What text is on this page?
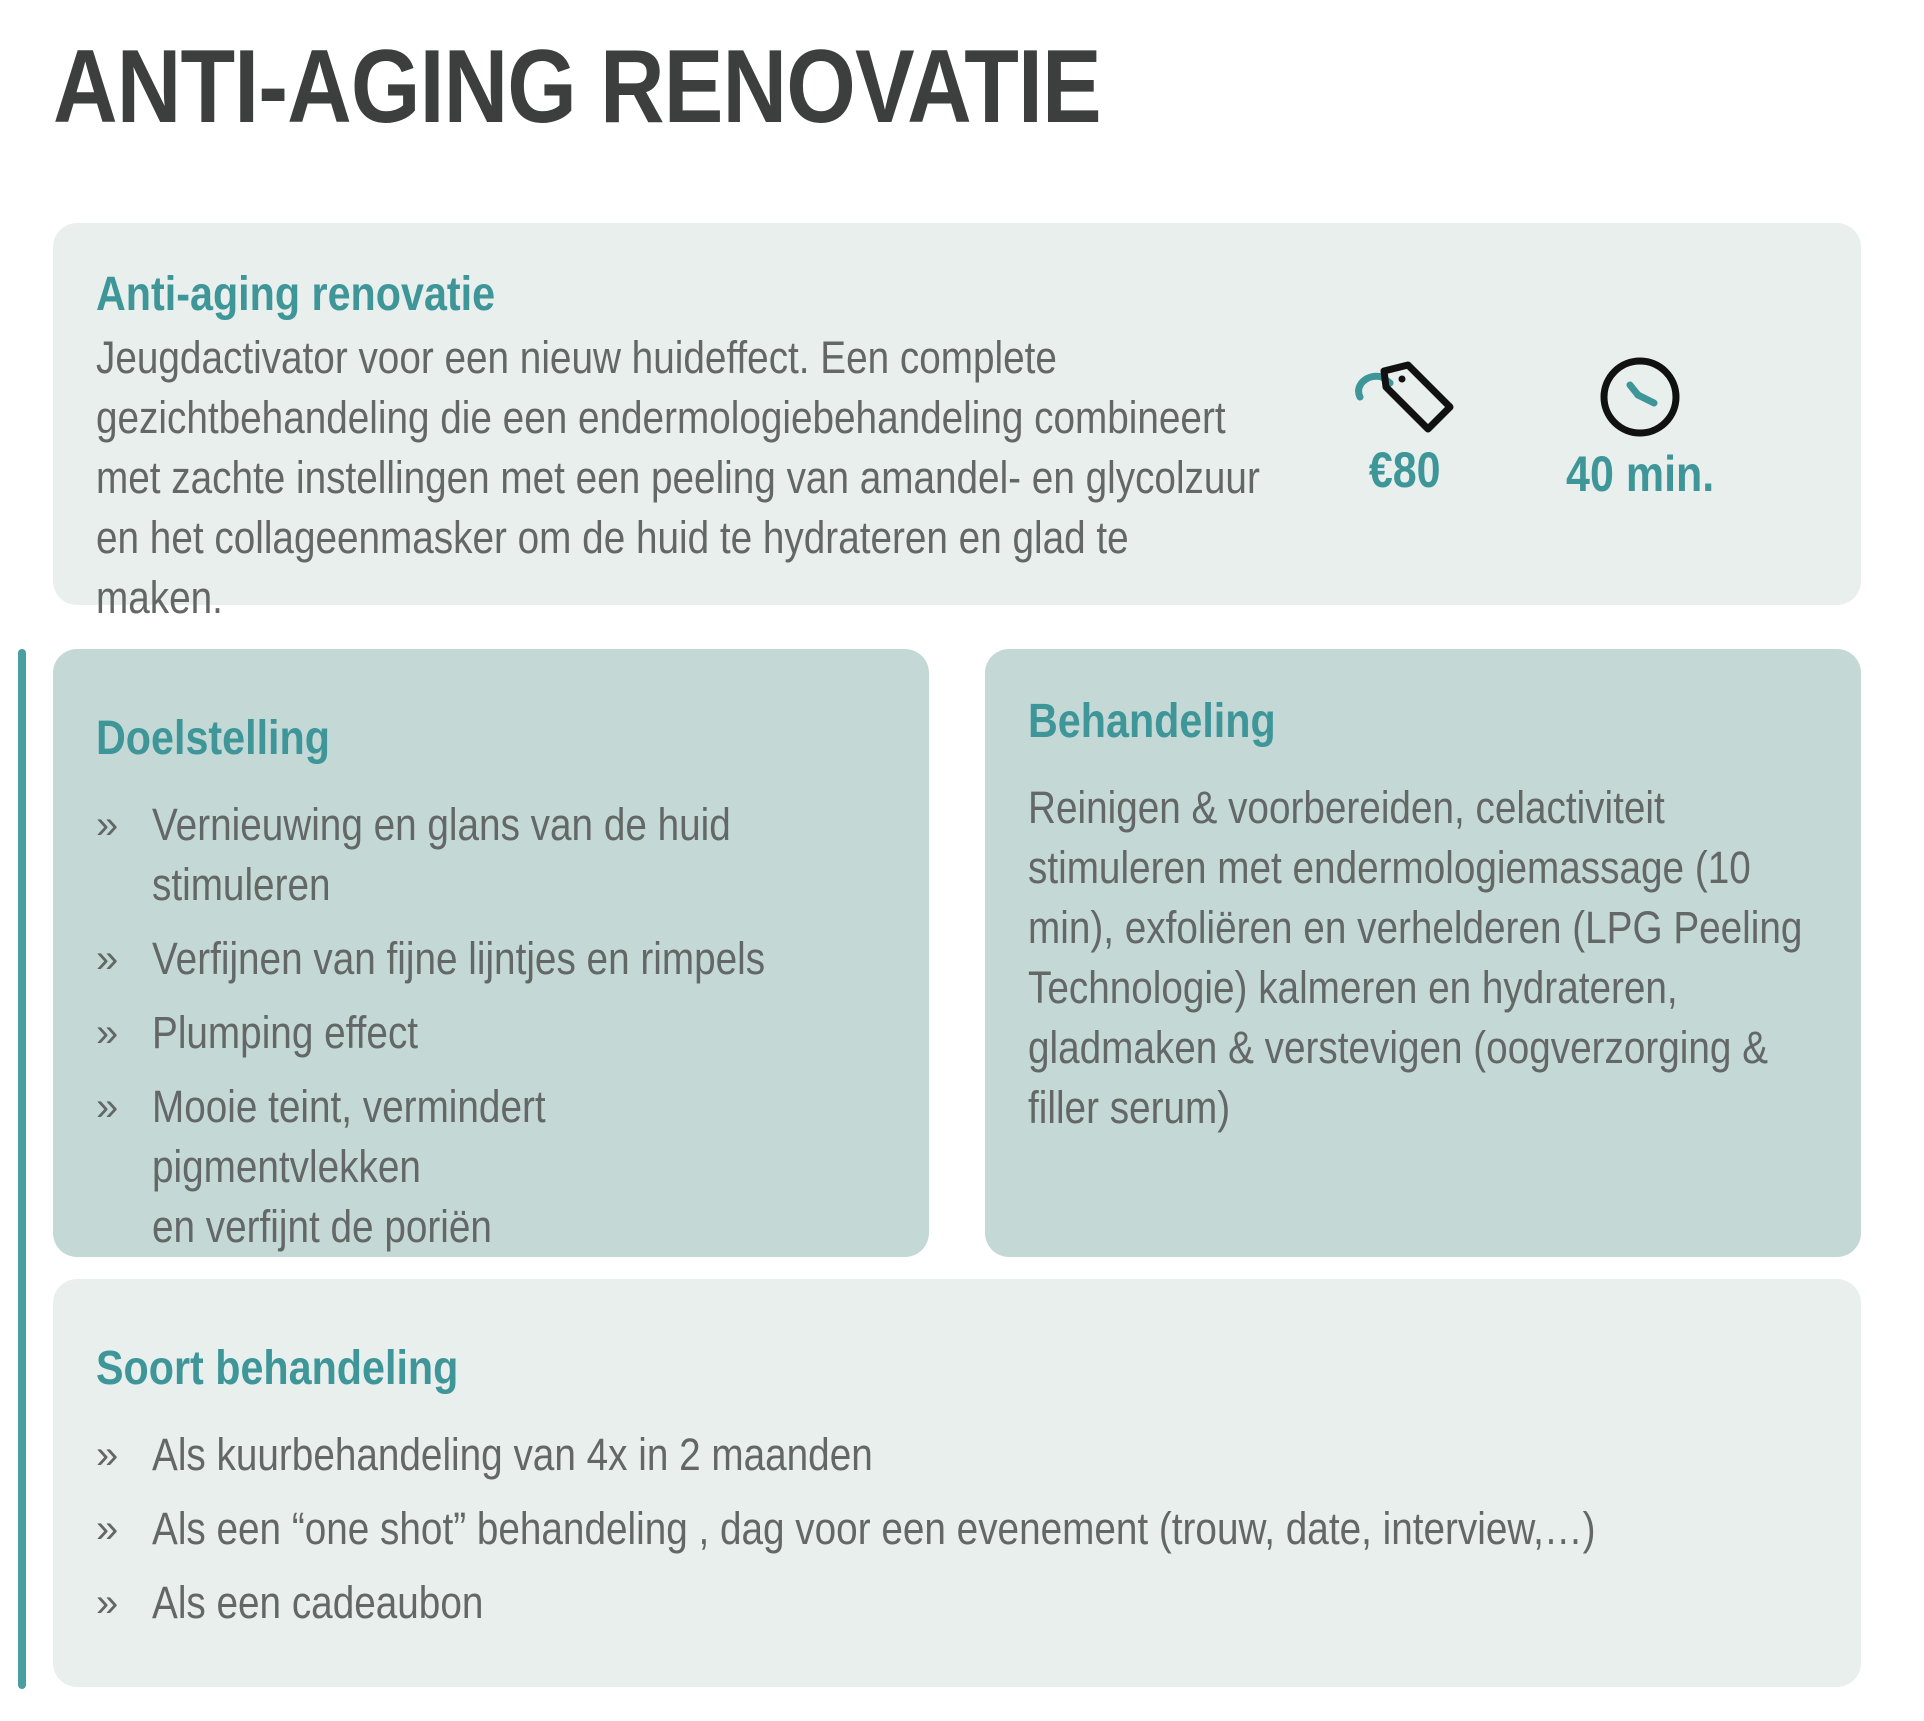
ANTI-AGING RENOVATIE
Anti-aging renovatie
Jeugdactivator voor een nieuw huideffect. Een complete
gezichtbehandeling die een endermologiebehandeling combineert
met zachte instellingen met een peeling van amandel- en glycolzuur
en het collageenmasker om de huid te hydrateren en glad te maken.
€80	40 min.
Doelstelling
» Vernieuwing en glans van de huid
stimuleren
» Verfijnen van fijne lijntjes en rimpels
» Plumping effect
» Mooie teint, vermindert pigmentvlekken
en verfijnt de poriën
Behandeling
Reinigen & voorbereiden, celactiviteit
stimuleren met endermologiemassage (10
min), exfoliëren en verhelderen (LPG Peeling
Technologie) kalmeren en hydrateren,
gladmaken & verstevigen (oogverzorging &
filler serum)
Soort behandeling
» Als kuurbehandeling van 4x in 2 maanden
» Als een “one shot” behandeling , dag voor een evenement (trouw, date, interview,…)
» Als een cadeaubon
